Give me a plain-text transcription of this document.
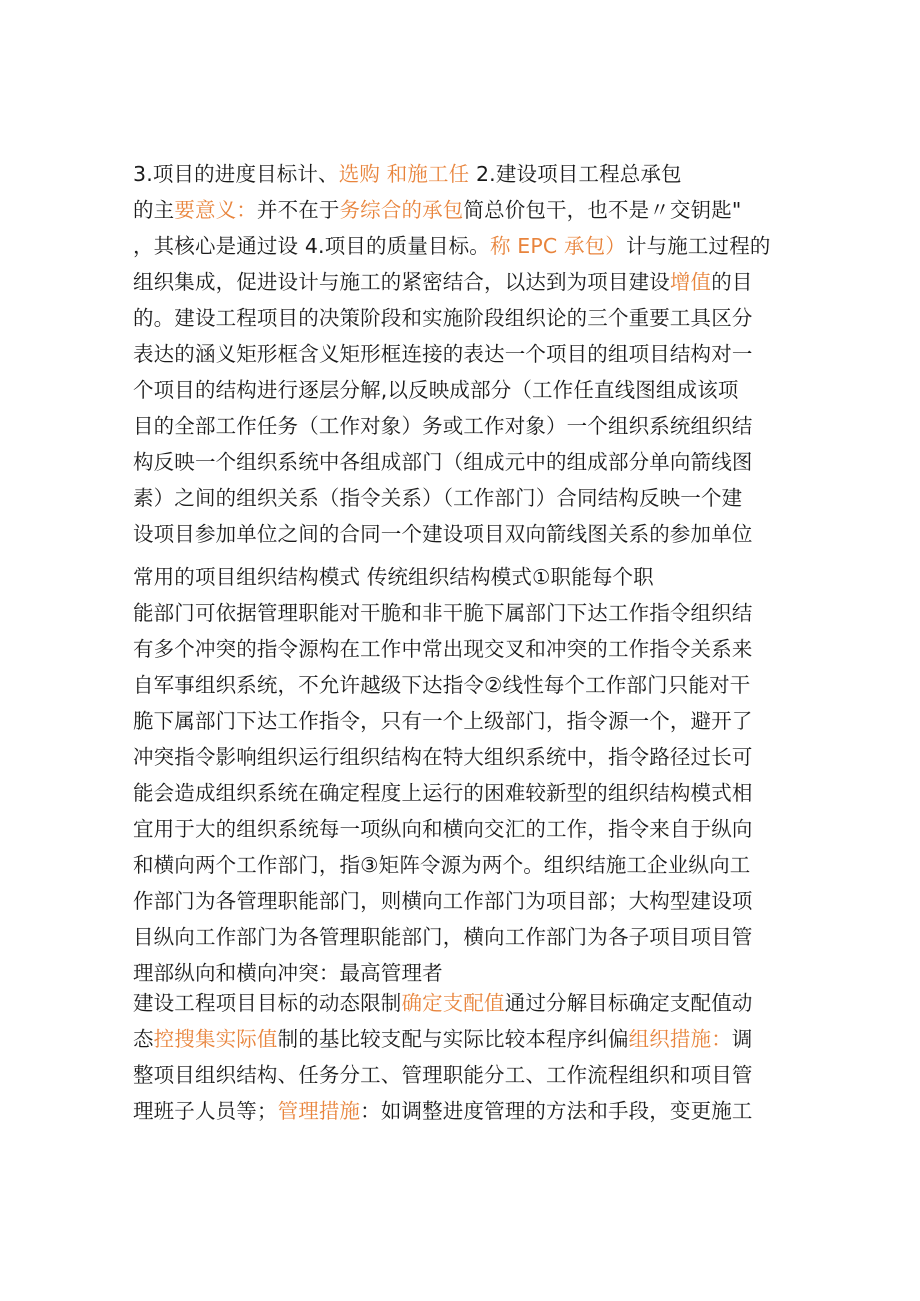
3.项目的进度目标计、选购 和施工任 2.建设项目工程总承包
的主要意义：并不在于务综合的承包简总价包干，也不是〃交钥匙"
，其核心是通过设 4.项目的质量目标。称 EPC 承包）计与施工过程的
组织集成，促进设计与施工的紧密结合，以达到为项目建设增值的目
的。建设工程项目的决策阶段和实施阶段组织论的三个重要工具区分
表达的涵义矩形框含义矩形框连接的表达一个项目的组项目结构对一
个项目的结构进行逐层分解,以反映成部分（工作任直线图组成该项
目的全部工作任务（工作对象）务或工作对象）一个组织系统组织结
构反映一个组织系统中各组成部门（组成元中的组成部分单向箭线图
素）之间的组织关系（指令关系）（工作部门）合同结构反映一个建
设项目参加单位之间的合同一个建设项目双向箭线图关系的参加单位
常用的项目组织结构模式 传统组织结构模式①职能每个职
能部门可依据管理职能对干脆和非干脆下属部门下达工作指令组织结
有多个冲突的指令源构在工作中常出现交叉和冲突的工作指令关系来
自军事组织系统，不允许越级下达指令②线性每个工作部门只能对干
脆下属部门下达工作指令，只有一个上级部门，指令源一个，避开了
冲突指令影响组织运行组织结构在特大组织系统中，指令路径过长可
能会造成组织系统在确定程度上运行的困难较新型的组织结构模式相
宜用于大的组织系统每一项纵向和横向交汇的工作，指令来自于纵向
和横向两个工作部门，指③矩阵令源为两个。组织结施工企业纵向工
作部门为各管理职能部门，则横向工作部门为项目部；大构型建设项
目纵向工作部门为各管理职能部门，横向工作部门为各子项目项目管
理部纵向和横向冲突：最高管理者
建设工程项目目标的动态限制确定支配值通过分解目标确定支配值动
态控搜集实际值制的基比较支配与实际比较本程序纠偏组织措施：调
整项目组织结构、任务分工、管理职能分工、工作流程组织和项目管
理班子人员等；管理措施：如调整进度管理的方法和手段，变更施工
